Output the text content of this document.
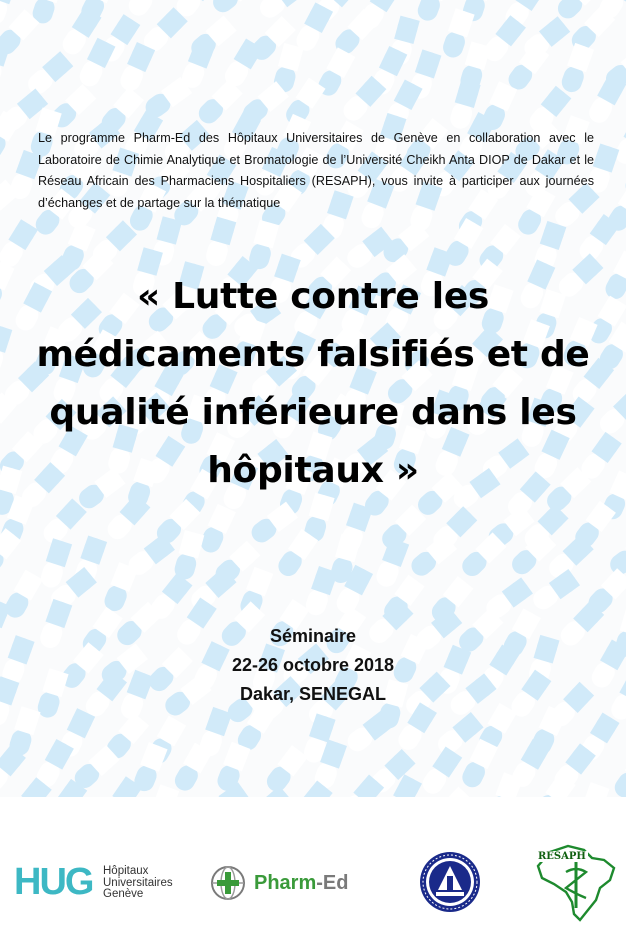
Le programme Pharm-Ed des Hôpitaux Universitaires de Genève en collaboration avec le Laboratoire de Chimie Analytique et Bromatologie de l’Université Cheikh Anta DIOP de Dakar et le Réseau Africain des Pharmaciens Hospitaliers (RESAPH), vous invite à participer aux journées d’échanges et de partage sur la thématique

« Lutte contre les médicaments falsifiés et de qualité inférieure dans les hôpitaux »
Séminaire
22-26 octobre 2018
Dakar, SENEGAL
HUG Hôpitaux
Universitaires
Genève	Pharm-Ed
RESAPH
